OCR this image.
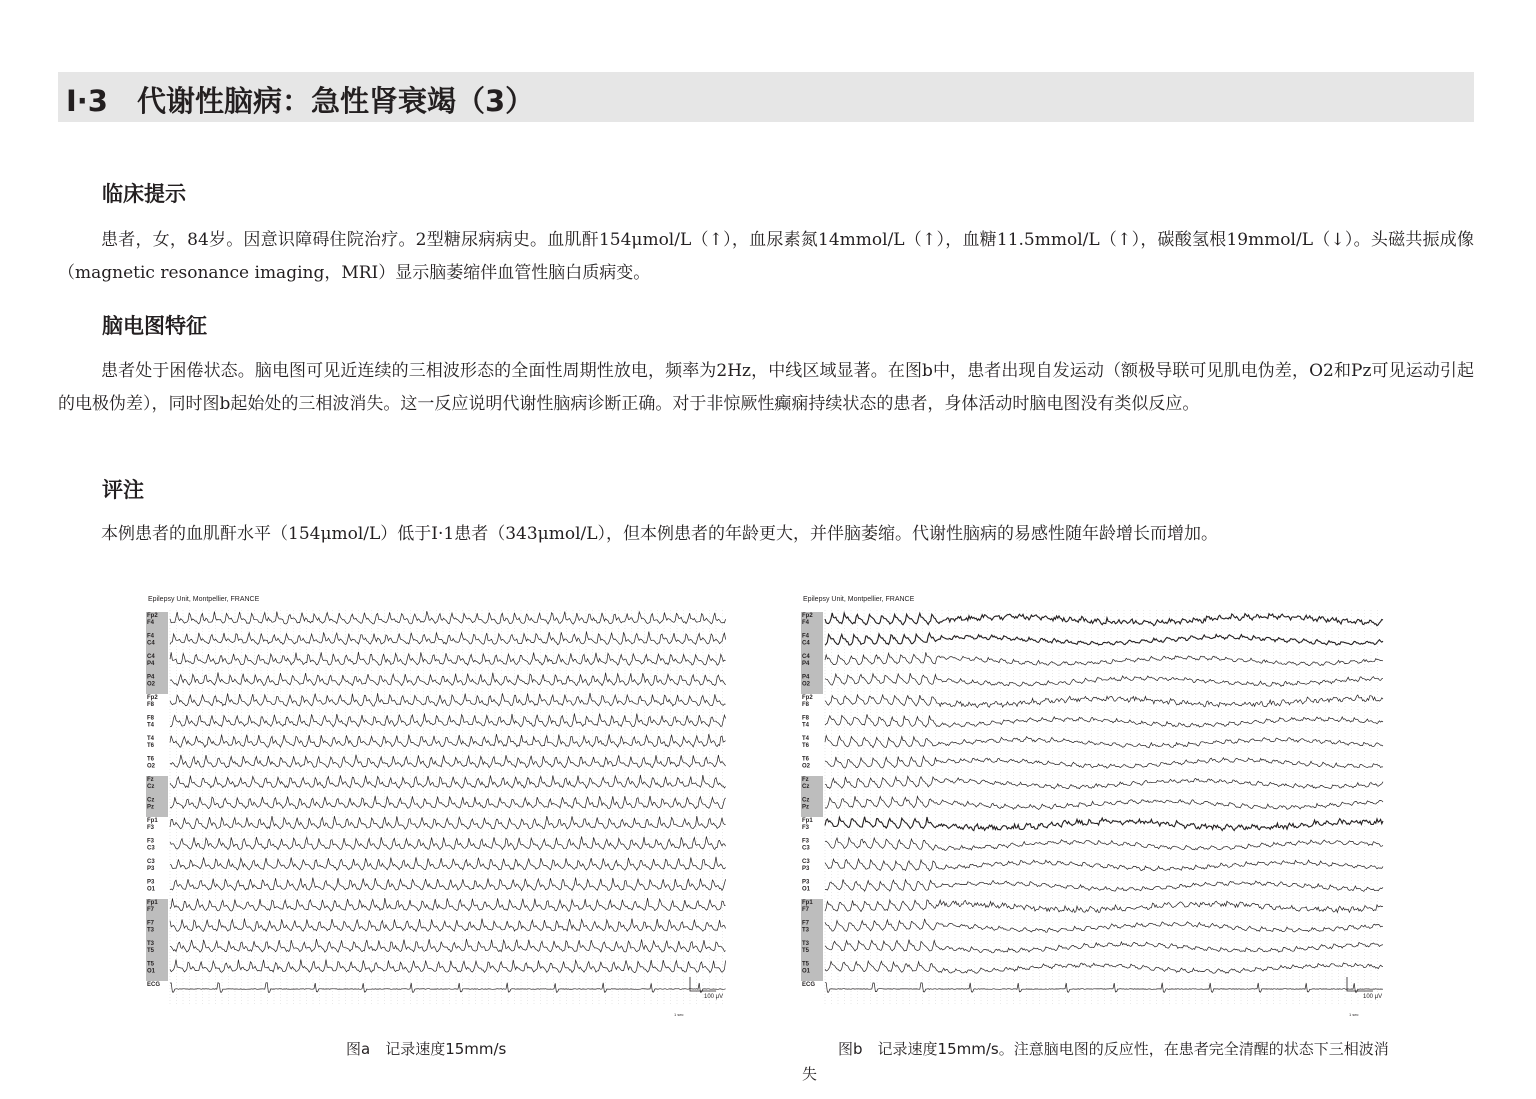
Ⅰ·3　代谢性脑病：急性肾衰竭（3）
临床提示

患者，女，84岁。因意识障碍住院治疗。2型糖尿病病史。血肌酐154μmol/L（↑），血尿素氮14mmol/L（↑），血糖11.5mmol/L（↑），碳酸氢根19mmol/L（↓）。头磁共振成像（magnetic resonance imaging，MRI）显示脑萎缩伴血管性脑白质病变。

脑电图特征

患者处于困倦状态。脑电图可见近连续的三相波形态的全面性周期性放电，频率为2Hz，中线区域显著。在图b中，患者出现自发运动（额极导联可见肌电伪差，O2和Pz可见运动引起的电极伪差），同时图b起始处的三相波消失。这一反应说明代谢性脑病诊断正确。对于非惊厥性癫痫持续状态的患者，身体活动时脑电图没有类似反应。

评注

本例患者的血肌酐水平（154μmol/L）低于Ⅰ·1患者（343μmol/L），但本例患者的年龄更大，并伴脑萎缩。代谢性脑病的易感性随年龄增长而增加。

Epilepsy Unit, Montpellier, FRANCE
Fp2
F4
F4
C4
C4
P4
P4
O2
Fp2
F8
F8
T4
T4
T6
T6
O2
Fz
Cz
Cz
Pz
Fp1
F3
F3
C3
C3
P3
P3
O1
Fp1
F7
F7
T3
T3
T5
T5
O1
ECG
100 μV
1 sec
图a　记录速度15mm/s
Epilepsy Unit, Montpellier, FRANCE
Fp2
F4
F4
C4
C4
P4
P4
O2
Fp2
F8
F8
T4
T4
T6
T6
O2
Fz
Cz
Cz
Pz
Fp1
F3
F3
C3
C3
P3
P3
O1
Fp1
F7
F7
T3
T3
T5
T5
O1
ECG
100 μV
1 sec
图b　记录速度15mm/s。注意脑电图的反应性，在患者完全清醒的状态下三相波消失
